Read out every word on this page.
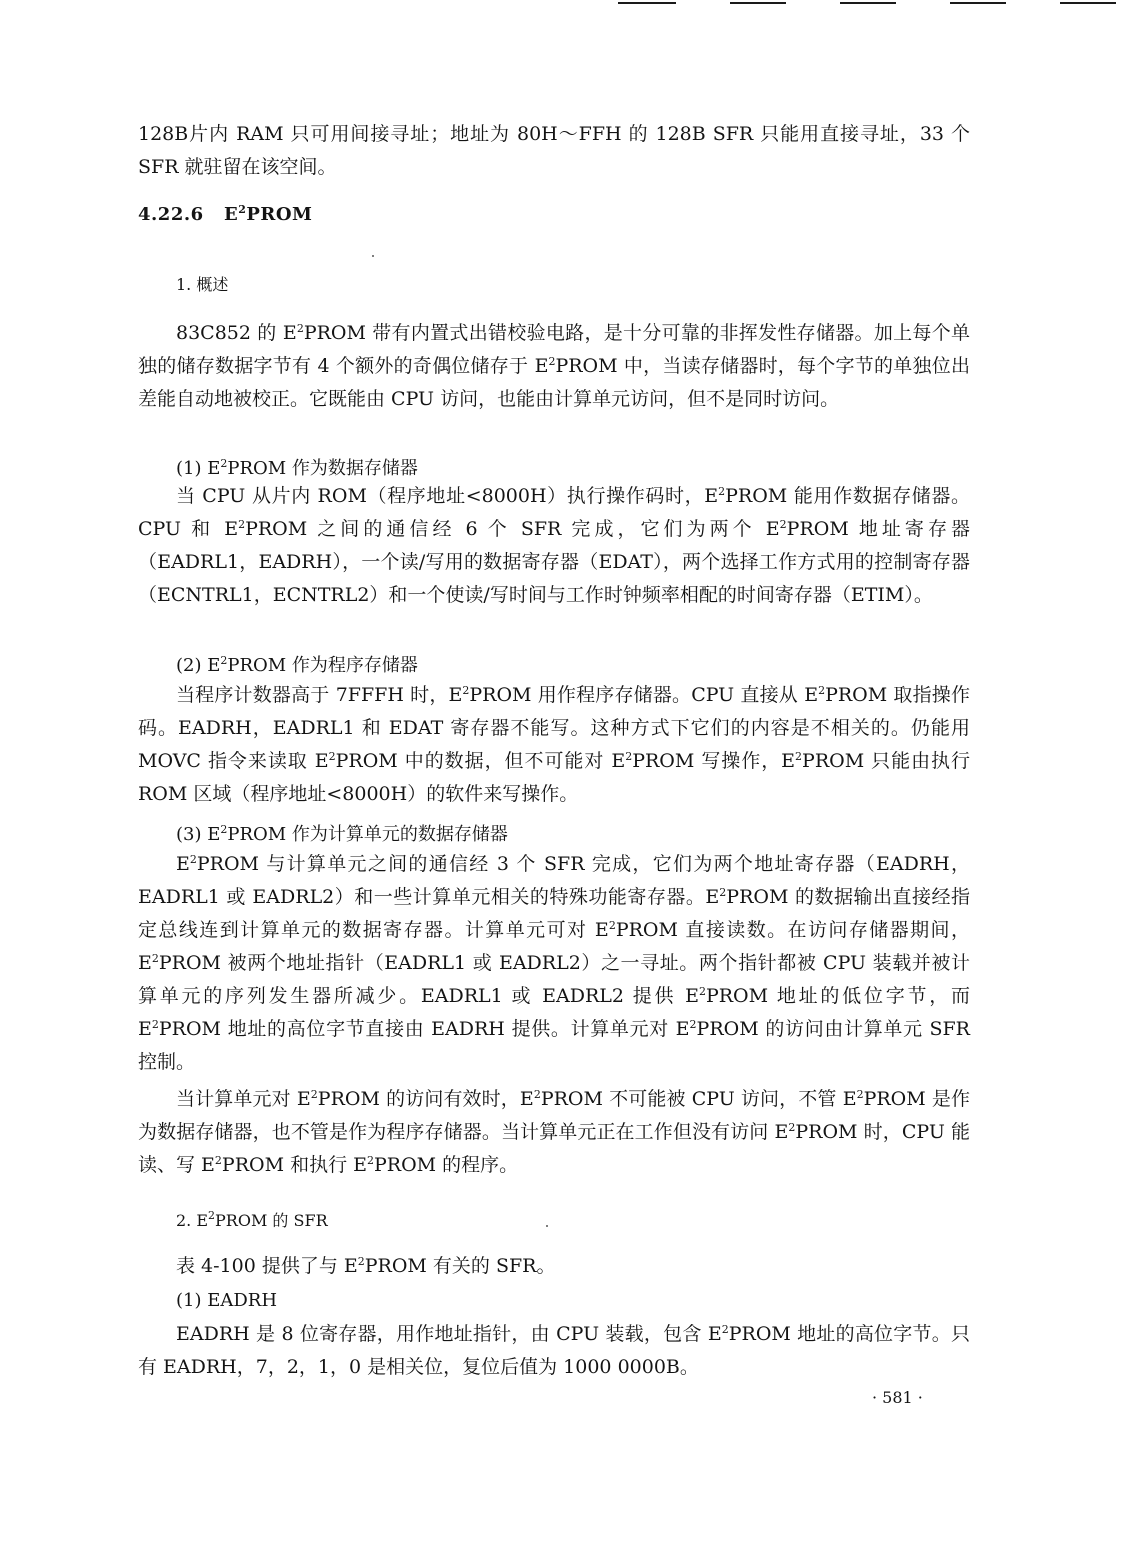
128B片内 RAM 只可用间接寻址；地址为 80H～FFH 的 128B SFR 只能用直接寻址，33 个 SFR 就驻留在该空间。

4.22.6 $E^2PROM$
1. 概述

83C852 的 $E^2PROM$ 带有内置式出错校验电路，是十分可靠的非挥发性存储器。加上每个单独的储存数据字节有 4 个额外的奇偶位储存于 $E^2PROM$ 中，当读存储器时，每个字节的单独位出差能自动地被校正。它既能由 CPU 访问，也能由计算单元访问，但不是同时访问。

(1) $E^2PROM$ 作为数据存储器

当 CPU 从片内 ROM（程序地址<8000H）执行操作码时，$E^2PROM$ 能用作数据存储器。CPU 和 $E^2PROM$ 之间的通信经 6 个 SFR 完成，它们为两个 $E^2PROM$ 地址寄存器（EADRL1，EADRH），一个读/写用的数据寄存器（EDAT），两个选择工作方式用的控制寄存器（ECNTRL1，ECNTRL2）和一个使读/写时间与工作时钟频率相配的时间寄存器（ETIM）。

(2) $E^2PROM$ 作为程序存储器

当程序计数器高于 7FFFH 时，$E^2PROM$ 用作程序存储器。CPU 直接从 $E^2PROM$ 取指操作码。EADRH，EADRL1 和 EDAT 寄存器不能写。这种方式下它们的内容是不相关的。仍能用 MOVC 指令来读取 $E^2PROM$ 中的数据，但不可能对 $E^2PROM$ 写操作，$E^2PROM$ 只能由执行 ROM 区域（程序地址<8000H）的软件来写操作。

(3) $E^2PROM$ 作为计算单元的数据存储器

$E^2PROM$ 与计算单元之间的通信经 3 个 SFR 完成，它们为两个地址寄存器（EADRH，EADRL1 或 EADRL2）和一些计算单元相关的特殊功能寄存器。$E^2PROM$ 的数据输出直接经指定总线连到计算单元的数据寄存器。计算单元可对 $E^2PROM$ 直接读数。在访问存储器期间，$E^2PROM$ 被两个地址指针（EADRL1 或 EADRL2）之一寻址。两个指针都被 CPU 装载并被计算单元的序列发生器所减少。EADRL1 或 EADRL2 提供 $E^2PROM$ 地址的低位字节，而 $E^2PROM$ 地址的高位字节直接由 EADRH 提供。计算单元对 $E^2PROM$ 的访问由计算单元 SFR 控制。

当计算单元对 $E^2PROM$ 的访问有效时，$E^2PROM$ 不可能被 CPU 访问，不管 $E^2PROM$ 是作为数据存储器，也不管是作为程序存储器。当计算单元正在工作但没有访问 $E^2PROM$ 时，CPU 能读、写 $E^2PROM$ 和执行 $E^2PROM$ 的程序。

2. $E^2PROM$ 的 SFR

表 4-100 提供了与 $E^2PROM$ 有关的 SFR。

(1) EADRH

EADRH 是 8 位寄存器，用作地址指针，由 CPU 装载，包含 $E^2PROM$ 地址的高位字节。只有 EADRH，7，2，1，0 是相关位，复位后值为 1000 0000B。

· 581 ·
